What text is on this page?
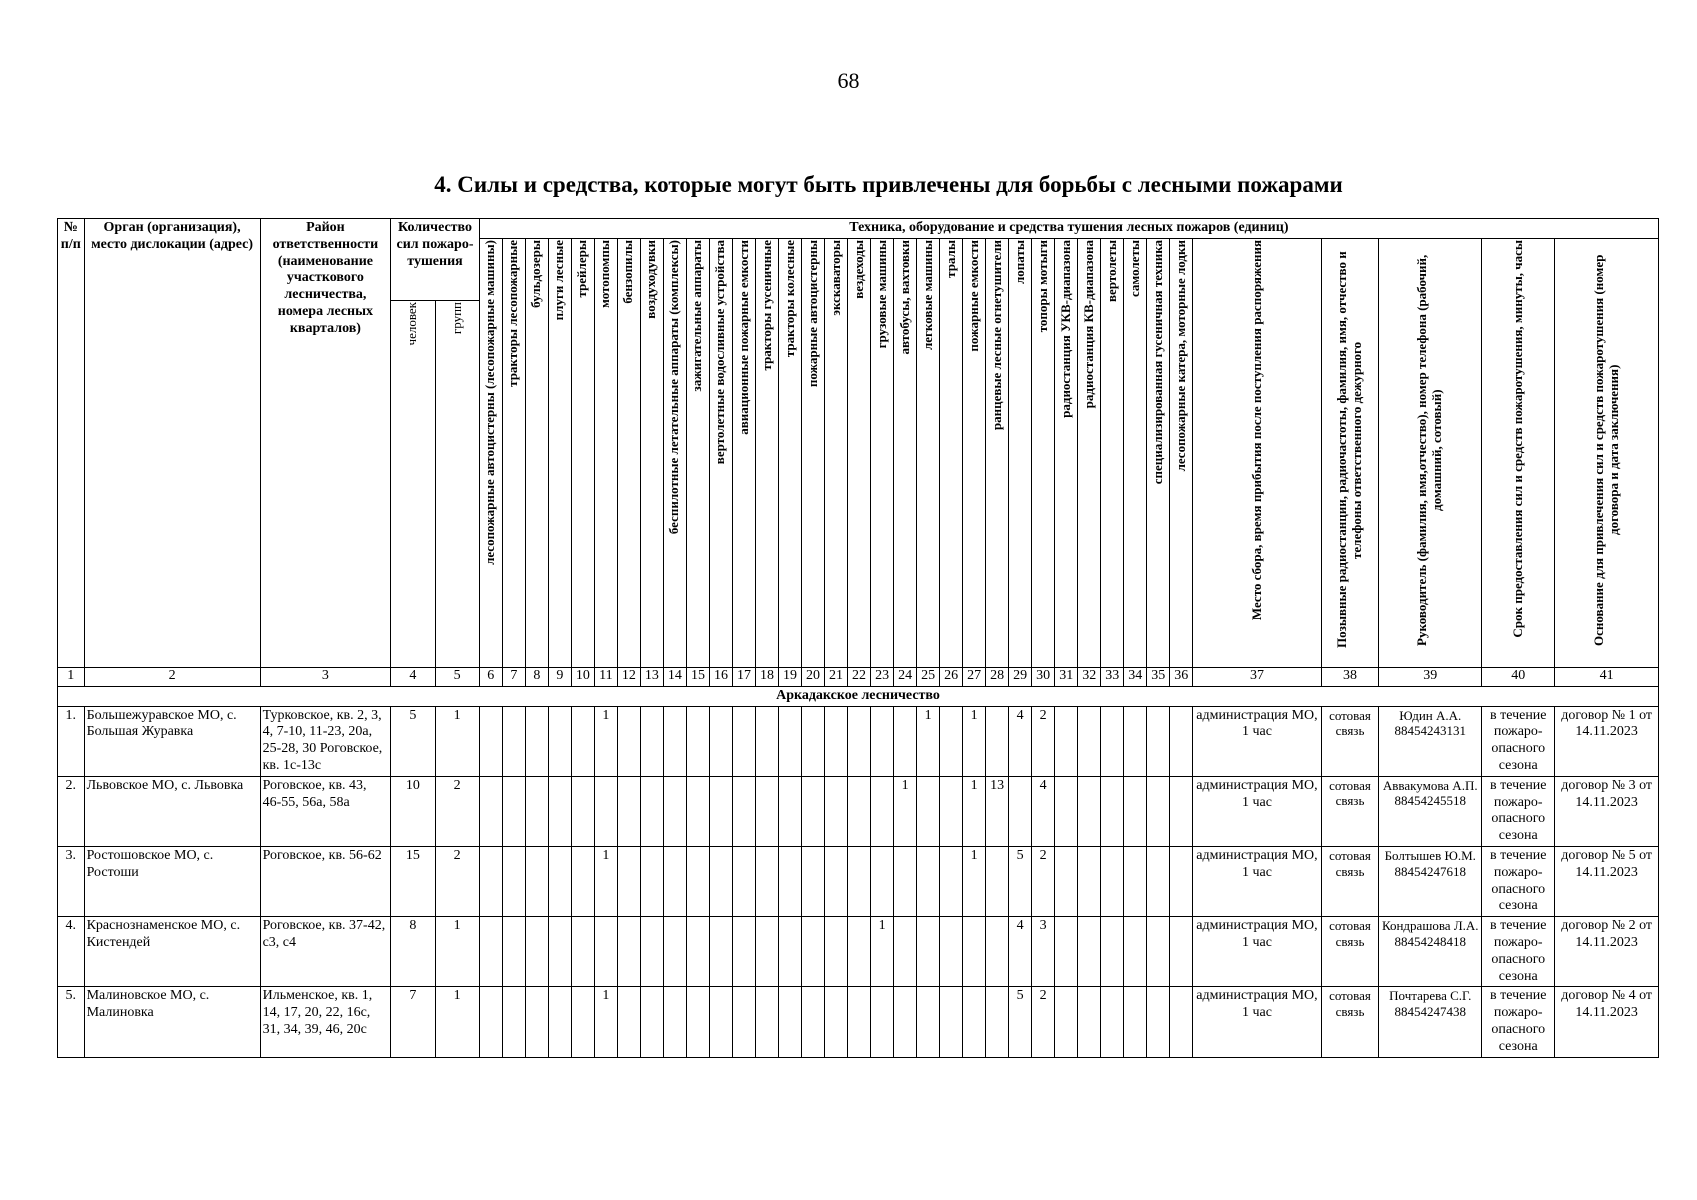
68
4. Силы и средства, которые могут быть привлечены для борьбы с лесными пожарами
№ п/п	Орган (организация), место дислокации (адрес)	Район ответственности (наименование участкового лесничества, номера лесных кварталов)	Количество сил пожаро-тушения		Техника, оборудование и средства тушения лесных пожаров (единиц)																																			
					лесопожарные автоцистерны (лесопожарные машины)	тракторы лесопожарные	бульдозеры	плуги лесные	трейлеры	мотопомпы	бензопилы	воздуходувки	беспилотные летательные аппараты (комплексы)	зажигательные аппараты	вертолетные водосливные устройства	авиационные пожарные емкости	тракторы гусеничные	тракторы колесные	пожарные автоцистерны	экскаваторы	вездеходы	грузовые машины	автобусы, вахтовки	легковые машины	тралы	пожарные емкости	ранцевые лесные огнетушители	лопаты	топоры мотыги	радиостанция УКВ-диапазона	радиостанция КВ-диапазона	вертолеты	самолеты	специализированная гусеничная техника	лесопожарные катера, моторные лодки	Место сбора, время прибытия после поступления распоряжения	Позывные радиостанции, радиочастоты, фамилия, имя, отчество и телефоны ответственного дежурного	Руководитель (фамилия, имя,отчество), номер телефона (рабочий, домашний, сотовый)	Срок предоставления сил и средств пожаротушения, минуты, часы	Основание для привлечения сил и средств пожаротушения (номер договора и дата заключения)
			человек	групп																																				
1	2	3	4	5	6	7	8	9	10	11	12	13	14	15	16	17	18	19	20	21	22	23	24	25	26	27	28	29	30	31	32	33	34	35	36	37	38	39	40	41
Аркадакское лесничество																																								
1.	Большежуравское МО, с. Большая Журавка	Турковское, кв. 2, 3, 4, 7-10, 11-23, 20а, 25-28, 30 Роговское, кв. 1с-13с	5	1						1														1		1		4	2							администрация МО, 1 час	сотовая связь	Юдин А.А. 88454243131	в течение пожаро-опасного сезона	договор № 1 от 14.11.2023
2.	Львовское МО, с. Львовка	Роговское, кв. 43, 46-55, 56а, 58а	10	2																			1			1	13		4							администрация МО, 1 час	сотовая связь	Аввакумова А.П. 88454245518	в течение пожаро-опасного сезона	договор № 3 от 14.11.2023
3.	Ростошовское МО, с. Ростоши	Роговское, кв. 56-62	15	2						1																1		5	2							администрация МО, 1 час	сотовая связь	Болтышев Ю.М. 88454247618	в течение пожаро-опасного сезона	договор № 5 от 14.11.2023
4.	Краснознаменское МО, с. Кистендей	Роговское, кв. 37-42, с3, с4	8	1																		1						4	3							администрация МО, 1 час	сотовая связь	Кондрашова Л.А. 88454248418	в течение пожаро-опасного сезона	договор № 2 от 14.11.2023
5.	Малиновское МО, с. Малиновка	Ильменское, кв. 1, 14, 17, 20, 22, 16с, 31, 34, 39, 46, 20с	7	1						1																		5	2							администрация МО, 1 час	сотовая связь	Почтарева С.Г. 88454247438	в течение пожаро-опасного сезона	договор № 4 от 14.11.2023
